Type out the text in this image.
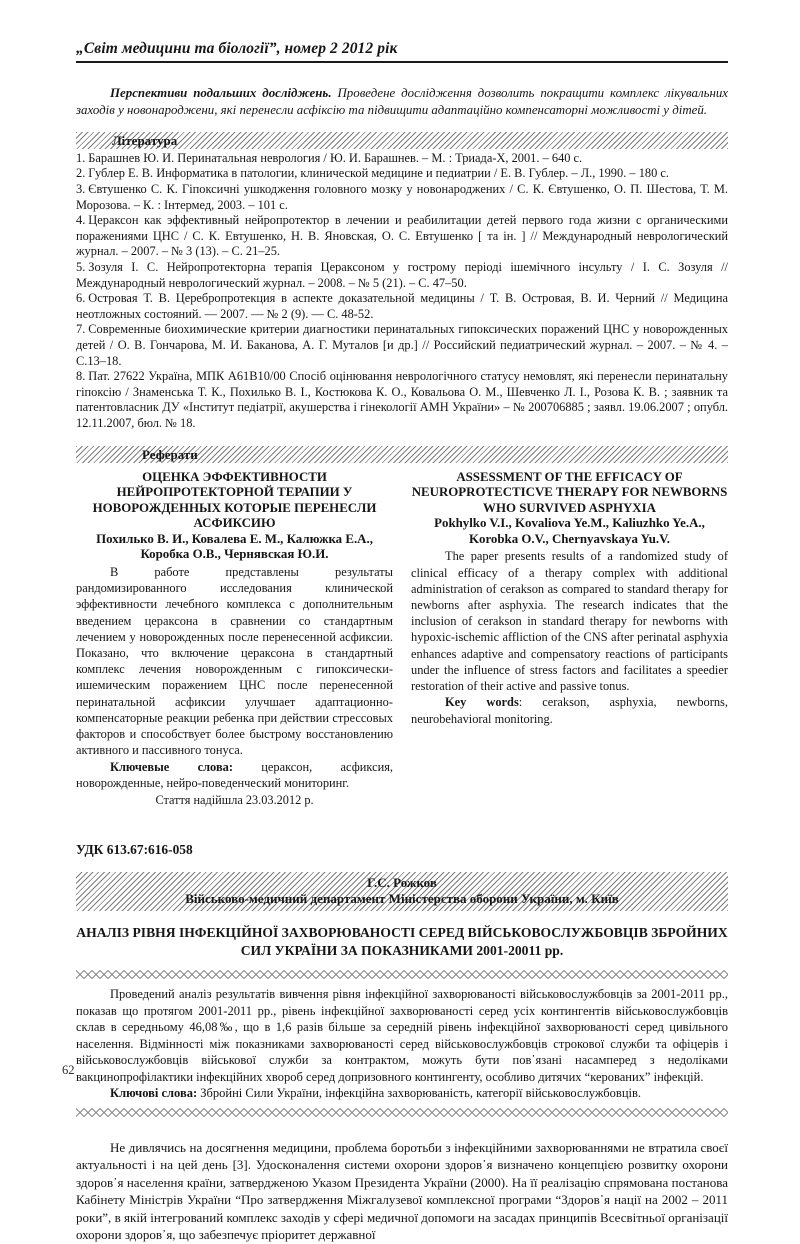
„Світ медицини та біології”, номер 2 2012 рік

Перспективи подальших досліджень. Проведене дослідження дозволить покращити комплекс лікувальних заходів у новонароджени, які перенесли асфіксію та підвищити адаптаційно компенсаторні можливості у дітей.

Література

1. Барашнев Ю. И. Перинатальная неврология / Ю. И. Барашнев. – М. : Триада-Х, 2001. – 640 с.

2. Гублер Е. В. Информатика в патологии, клинической медицине и педиатрии / Е. В. Гублер. – Л., 1990. – 180 с.

3. Євтушенко С. К. Гіпоксичні ушкодження головного мозку у новонароджених / С. К. Євтушенко, О. П. Шестова, Т. М. Морозова. – К. : Інтермед, 2003. – 101 с.

4. Цераксон как эффективный нейропротектор в лечении и реабилитации детей первого года жизни с органическими поражениями ЦНС / С. К. Евтушенко, Н. В. Яновская, О. С. Евтушенко [ та ін. ] // Международный неврологический журнал. – 2007. – № 3 (13). – С. 21–25.

5. Зозуля І. С. Нейропротекторна терапія Цераксоном у гострому періоді ішемічного інсульту / І. С. Зозуля // Международный неврологический журнал. – 2008. – № 5 (21). – С. 47–50.

6. Островая Т. В. Церебропротекция в аспекте доказательной медицины / Т. В. Островая, В. И. Черний // Медицина неотложных состояний. — 2007. — № 2 (9). — С. 48-52.

7. Современные биохимические критерии диагностики перинатальных гипоксических поражений ЦНС у новорожденных детей / О. В. Гончарова, М. И. Баканова, А. Г. Муталов [и др.] // Российский педиатрический журнал. – 2007. – № 4. – С.13–18.

8. Пат. 27622 Україна, МПК А61В10/00 Спосіб оцінювання неврологічного статусу немовлят, які перенесли перинатальну гіпоксію / Знаменська Т. К., Похилько В. І., Костюкова К. О., Ковальова О. М., Шевченко Л. І., Розова К. В. ; заявник та патентовласник ДУ «Інститут педіатрії, акушерства і гінекології АМН України» – № 200706885 ; заявл. 19.06.2007 ; опубл. 12.11.2007, бюл. № 18.

Реферати
ОЦЕНКА ЭФФЕКТИВНОСТИ НЕЙРОПРОТЕКТОРНОЙ ТЕРАПИИ У НОВОРОЖДЕННЫХ КОТОРЫЕ ПЕРЕНЕСЛИ АСФИКСИЮ
Похилько В. И., Ковалева Е. М., Калюжка Е.А., Коробка О.В., Чернявская Ю.И.

В работе представлены результаты рандомизированного исследования клинической эффективности лечебного комплекса с дополнительным введением цераксона в сравнении со стандартным лечением у новорожденных после перенесенной асфиксии. Показано, что включение цераксона в стандартный комплекс лечения новорожденным с гипоксически-ишемическим поражением ЦНС после перенесенной перинатальной асфиксии улучшает адаптационно-компенсаторные реакции ребенка при действии стрессовых факторов и способствует более быстрому восстановлению активного и пассивного тонуса.

Ключевые слова: цераксон, асфиксия, новорожденные, нейро-поведенческий мониторинг.

Стаття надійшла 23.03.2012 р.
ASSESSMENT OF THE EFFICACY OF NEUROPROTECTICVE THERAPY FOR NEWBORNS WHO SURVIVED ASPHYXIA
Pokhylko V.I., Kovaliova Ye.M., Kaliuzhko Ye.A., Korobka O.V., Chernyavskaya Yu.V.

The paper presents results of a randomized study of clinical efficacy of a therapy complex with additional administration of cerakson as compared to standard therapy for newborns after asphyxia. The research indicates that the inclusion of cerakson in standard therapy for newborns with hypoxic-ischemic affliction of the CNS after perinatal asphyxia enhances adaptive and compensatory reactions of participants under the influence of stress factors and facilitates a speedier restoration of their active and passive tonus.

Key words: cerakson, asphyxia, newborns, neurobehavioral monitoring.

УДК 613.67:616-058
Г.С. Рожков
Військово-медичний департамент Міністерства оборони України, м. Київ
АНАЛІЗ РІВНЯ ІНФЕКЦІЙНОЇ ЗАХВОРЮВАНОСТІ СЕРЕД ВІЙСЬКОВОСЛУЖБОВЦІВ ЗБРОЙНИХ СИЛ УКРАЇНИ ЗА ПОКАЗНИКАМИ 2001-20011 рр.

Проведений аналіз результатів вивчення рівня інфекційної захворюваності військовослужбовців за 2001-2011 рр., показав що протягом 2001-2011 рр., рівень інфекційної захворюваності серед усіх контингентів військовослужбовців склав в середньому 46,08‰, що в 1,6 разів більше за середній рівень інфекційної захворюваності серед цивільного населення. Відмінності між показниками захворюваності серед військовослужбовців строкової служби та офіцерів і військовослужбовців військової служби за контрактом, можуть бути пов᾽язані насамперед з недоліками вакцинопрофілактики інфекційних хвороб серед допризовного контингенту, особливо дитячих “керованих” інфекцій.

Ключові слова: Збройні Сили України, інфекційна захворюваність, категорії військовослужбовців.

Не дивлячись на досягнення медицини, проблема боротьби з інфекційними захворюваннями не втратила своєї актуальності і на цей день [3]. Удосконалення системи охорони здоров᾽я визначено концепцією розвитку охорони здоров᾽я населення країни, затвердженою Указом Президента України (2000). На її реалізацію спрямована постанова Кабінету Міністрів України “Про затвердження Міжгалузевої комплексної програми “Здоров᾽я нації на 2002 – 2011 роки”, в якій інтегрований комплекс заходів у сфері медичної допомоги на засадах принципів Всесвітньої організації охорони здоров᾽я, що забезпечує пріоритет державної

62
